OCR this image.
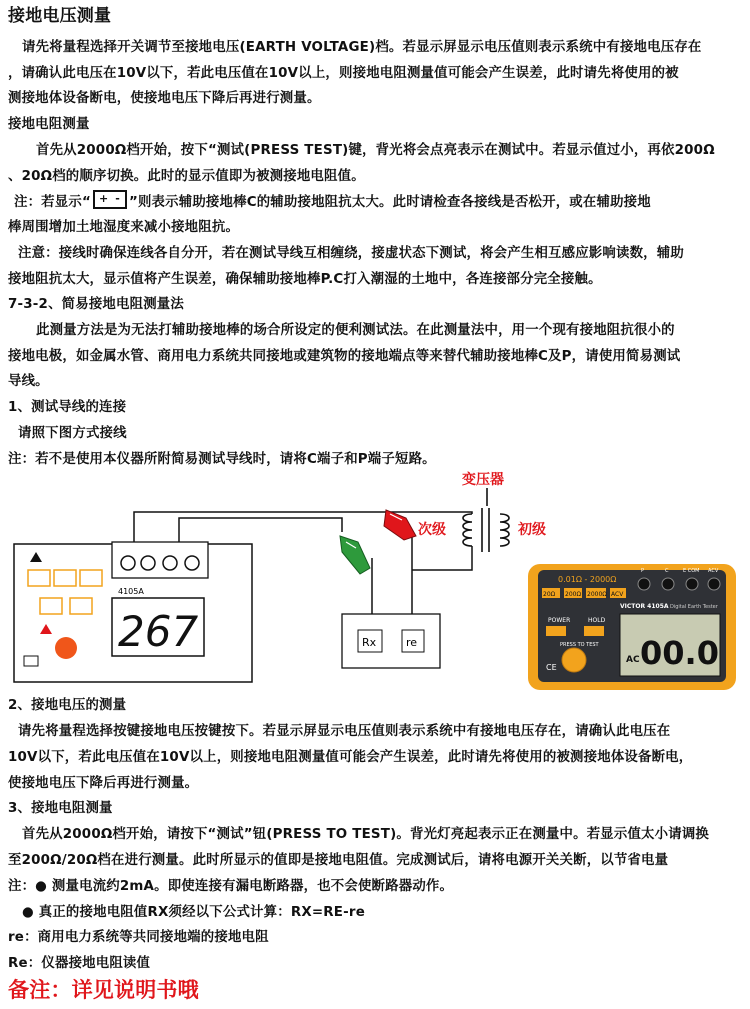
接地电压测量
请先将量程选择开关调节至接地电压(EARTH VOLTAGE)档。若显示屏显示电压值则表示系统中有接地电压存在
，请确认此电压在10V以下，若此电压值在10V以上，则接地电阻测量值可能会产生误差，此时请先将使用的被
测接地体设备断电，使接地电压下降后再进行测量。
接地电阻测量
首先从2000Ω档开始，按下“测试(PRESS TEST)键，背光将会点亮表示在测试中。若显示值过小，再依200Ω
、20Ω档的顺序切换。此时的显示值即为被测接地电阻值。
注：若显示“ + - ”则表示辅助接地棒C的辅助接地阻抗太大。此时请检查各接线是否松开，或在辅助接地
棒周围增加土地湿度来减小接地阻抗。
注意：接线时确保连线各自分开，若在测试导线互相缠绕，接虚状态下测试，将会产生相互感应影响读数，辅助
接地阻抗太大，显示值将产生误差，确保辅助接地棒P.C打入潮湿的土地中，各连接部分完全接触。
7-3-2、简易接地电阻测量法
此测量方法是为无法打辅助接地棒的场合所设定的便利测试法。在此测量法中，用一个现有接地阻抗很小的
接地电极，如金属水管、商用电力系统共同接地或建筑物的接地端点等来替代辅助接地棒C及P，请使用简易测试
导线。
1、测试导线的连接
请照下图方式接线
注：若不是使用本仪器所附简易测试导线时，请将C端子和P端子短路。
变压器
次级	初级
Rx	re
4105A
267
0.01Ω - 2000Ω
20Ω 200Ω 2000Ω ACV
P	C	E COM ACV
VICTOR 4105A Digital Earth Tester
POWER	HOLD
PRESS TO TEST
CE
AC 00.0
2、接地电压的测量
请先将量程选择按键接地电压按键按下。若显示屏显示电压值则表示系统中有接地电压存在，请确认此电压在
10V以下，若此电压值在10V以上，则接地电阻测量值可能会产生误差，此时请先将使用的被测接地体设备断电，
使接地电压下降后再进行测量。
3、接地电阻测量
首先从2000Ω档开始，请按下“测试”钮(PRESS TO TEST)。背光灯亮起表示正在测量中。若显示值太小请调换
至200Ω/20Ω档在进行测量。此时所显示的值即是接地电阻值。完成测试后，请将电源开关关断，以节省电量
注：● 测量电流约2mA。即使连接有漏电断路器，也不会使断路器动作。
● 真正的接地电阻值RX须经以下公式计算：RX=RE-re
re：商用电力系统等共同接地端的接地电阻
Re：仪器接地电阻读值
备注：详见说明书哦
